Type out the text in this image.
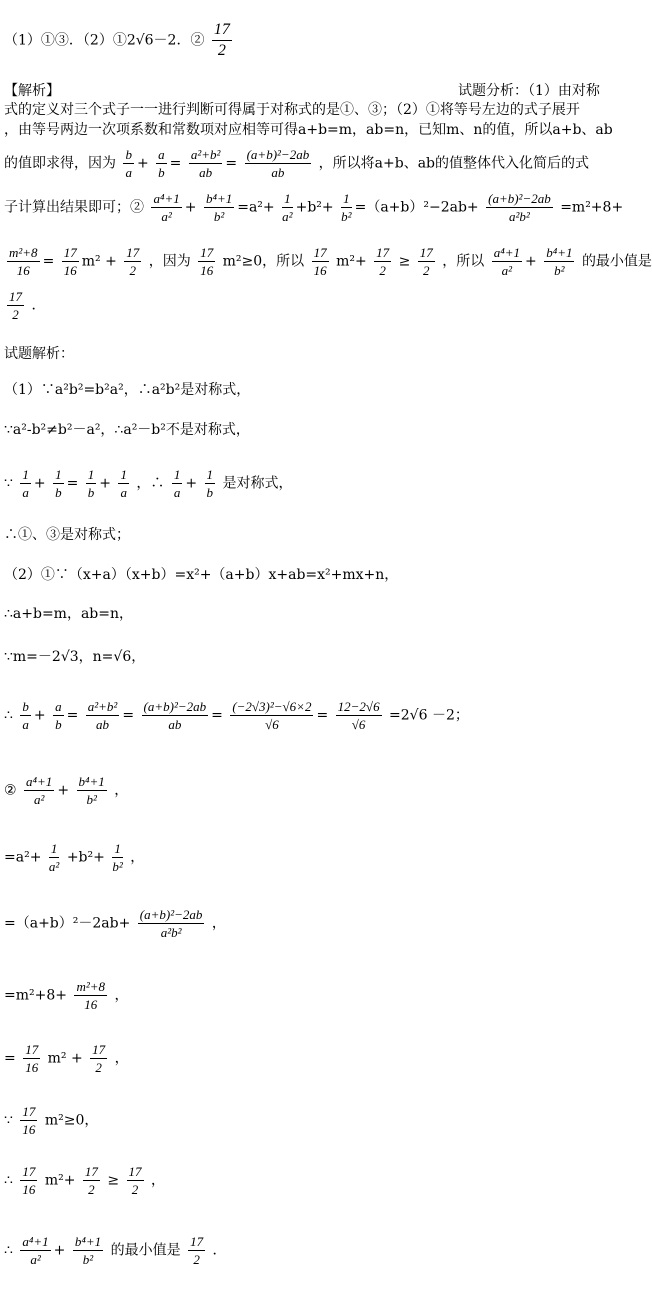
（1）①③．（2）①2√6－2．② $\frac{17}{2}$
【解析】	试题分析：（1）由对称
式的定义对三个式子一一进行判断可得属于对称式的是①、③；（2）①将等号左边的式子展开
，由等号两边一次项系数和常数项对应相等可得a+b=m，ab=n，已知m、n的值，所以a+b、ab
的值即求得，因为 $\frac{b}{a} + \frac{a}{b} = \frac{\text{a²+b²}}{ab} = \frac{\text{(a+b)²−2ab}}{ab}$ ，所以将a+b、ab的值整体代入化简后的式
子计算出结果即可；② $\frac{\text{a⁴+1}}{\text{a²}} + \frac{\text{b⁴+1}}{\text{b²}} =a^2+ \frac{1}{\text{a²}} +b^2+ \frac{1}{\text{b²}} =(a+b)^2-2ab+ \frac{\text{(a+b)²−2ab}}{\text{a²b²}} =m^2+8+$
$\frac{\text{m²+8}}{16} = \frac{17}{16} m^2 + \frac{17}{2}$ ，因为 $\frac{17}{16} m^2\ge 0$，所以 $\frac{17}{16} m^2+ \frac{17}{2} \ge \frac{17}{2}$ ，所以 $\frac{\text{a⁴+1}}{\text{a²}} + \frac{\text{b⁴+1}}{\text{b²}}$ 的最小值是
$\frac{17}{2}$ ．
试题解析：
（1）∵a²b²=b²a²，∴a²b²是对称式，
∵a²-b²≠b²－a²，∴a²－b²不是对称式，
∵ $\frac{1}{a} + \frac{1}{b} = \frac{1}{b} + \frac{1}{a}$ ，∴ $\frac{1}{a} + \frac{1}{b}$ 是对称式，
∴①、③是对称式；
（2）①∵（x+a）（x+b）=x²+（a+b）x+ab=x²+mx+n，
∴a+b=m，ab=n，
∵m=－2√3，n=√6，
∴ $\frac{b}{a} + \frac{a}{b} = \frac{\text{a²+b²}}{ab} = \frac{\text{(a+b)²−2ab}}{ab} = \frac{\text{(−2√3)²−√6×2}}{√6} = \frac{12-2√6}{√6} =2√6 -2$；
② $\frac{\text{a⁴+1}}{\text{a²}} + \frac{\text{b⁴+1}}{\text{b²}}$ ，
$=a^2+ \frac{1}{\text{a²}} +b^2+ \frac{1}{\text{b²}}$ ，
$=(a+b)^2-2ab+ \frac{\text{(a+b)²−2ab}}{\text{a²b²}}$ ，
$=m^2+8+ \frac{\text{m²+8}}{16}$ ，
= $\frac{17}{16} m^2 + \frac{17}{2}$ ，
∵ $\frac{17}{16} m^2\ge 0$，
∴ $\frac{17}{16} m^2+ \frac{17}{2} \ge \frac{17}{2}$ ，
∴ $\frac{\text{a⁴+1}}{\text{a²}} + \frac{\text{b⁴+1}}{\text{b²}}$ 的最小值是 $\frac{17}{2}$ ．
